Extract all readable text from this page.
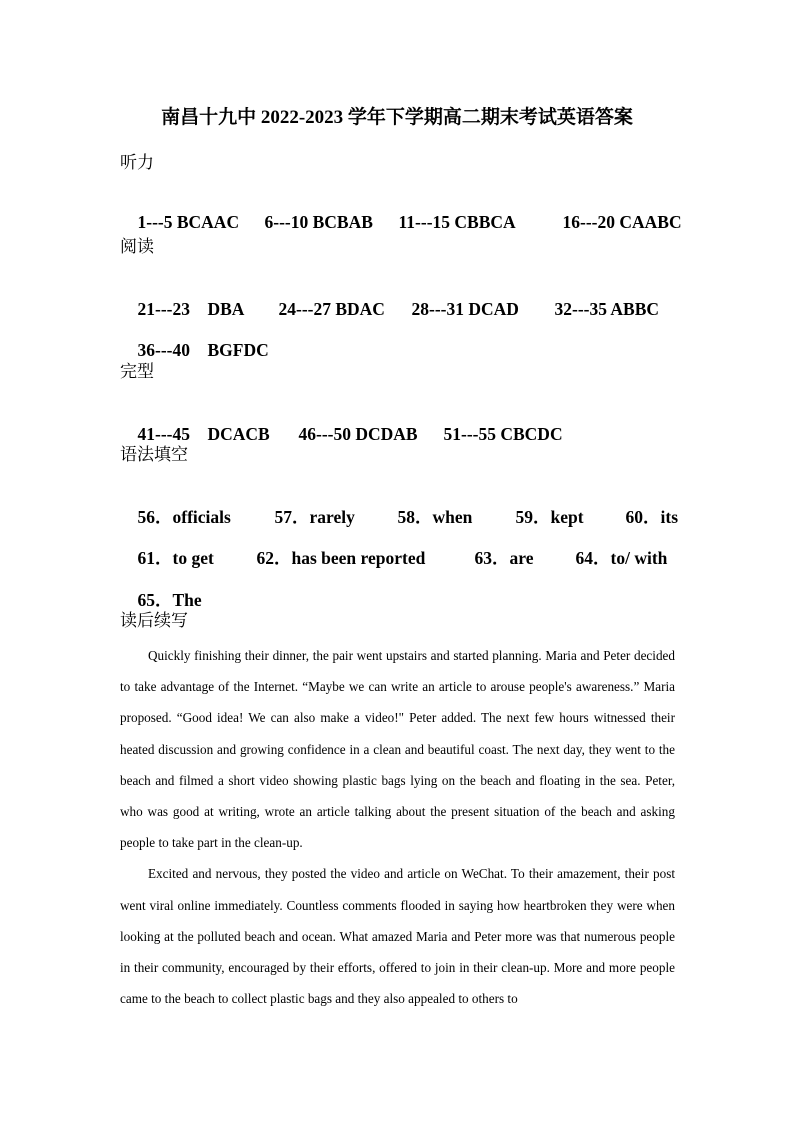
南昌十九中 2022-2023 学年下学期高二期末考试英语答案
听力

1---5 BCAAC 6---10 BCBAB 11---15 CBBCA	16---20 CAABC

阅读

21---23　DBA 24---27 BDAC 28---31 DCAD 32---35 ABBC

36---40　BGFDC

完型

41---45　DCACB 46---50 DCDAB 51---55 CBCDC

语法填空

56．officials 57．rarely 58．when 59．kept 60．its

61．to get 62．has been reported	63．are 64．to/ with

65．The

读后续写

Quickly finishing their dinner, the pair went upstairs and started planning. Maria and Peter decided to take advantage of the Internet. “Maybe we can write an article to arouse people's awareness.” Maria proposed. “Good idea! We can also make a video!" Peter added. The next few hours witnessed their heated discussion and growing confidence in a clean and beautiful coast. The next day, they went to the beach and filmed a short video showing plastic bags lying on the beach and floating in the sea. Peter, who was good at writing, wrote an article talking about the present situation of the beach and asking people to take part in the clean-up.

Excited and nervous, they posted the video and article on WeChat. To their amazement, their post went viral online immediately. Countless comments flooded in saying how heartbroken they were when looking at the polluted beach and ocean. What amazed Maria and Peter more was that numerous people in their community, encouraged by their efforts, offered to join in their clean-up. More and more people came to the beach to collect plastic bags and they also appealed to others to
